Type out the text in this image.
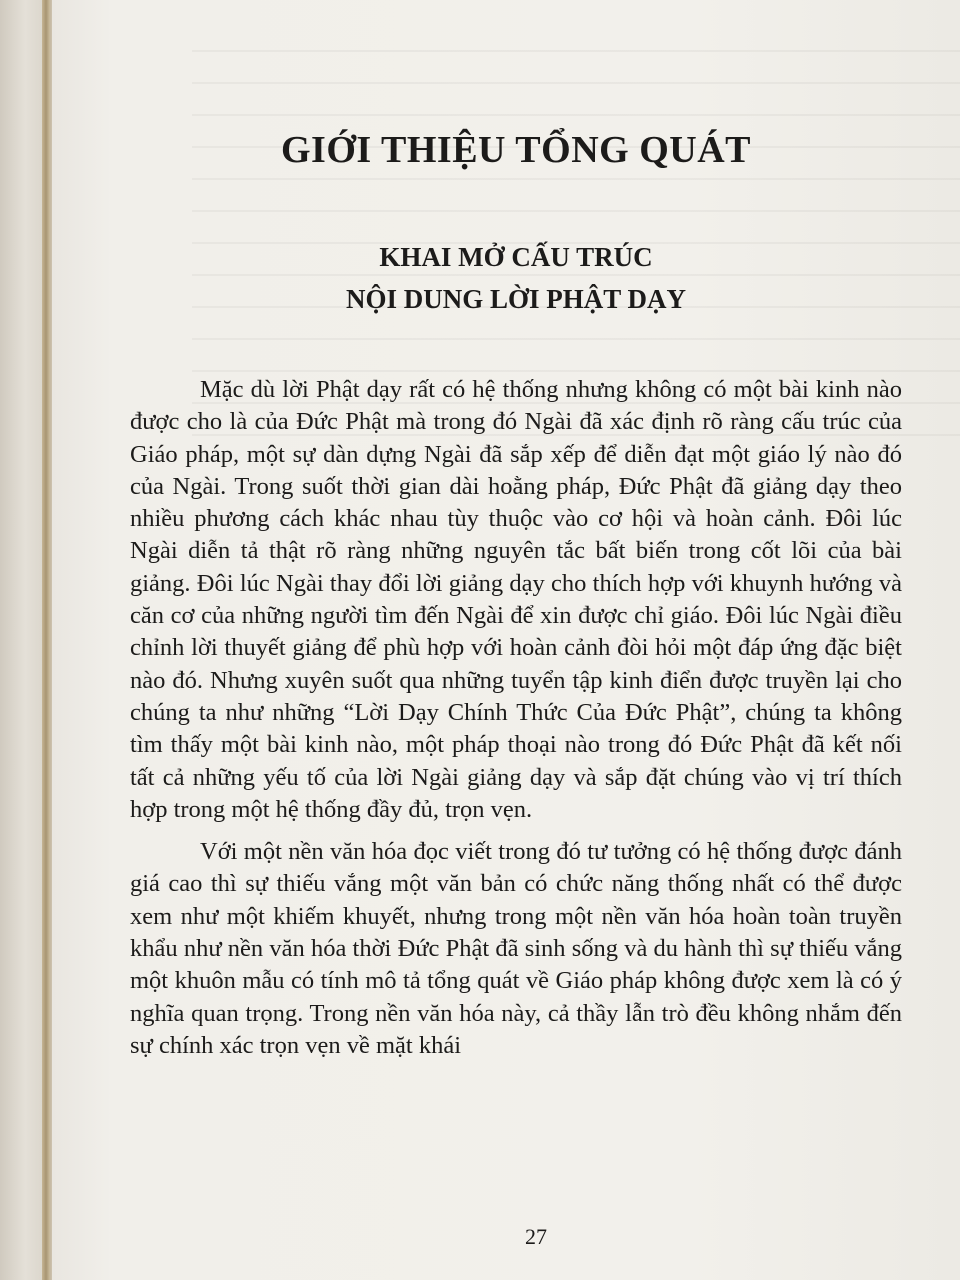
GIỚI THIỆU TỔNG QUÁT
KHAI MỞ CẤU TRÚC
NỘI DUNG LỜI PHẬT DẠY

Mặc dù lời Phật dạy rất có hệ thống nhưng không có một bài kinh nào được cho là của Đức Phật mà trong đó Ngài đã xác định rõ ràng cấu trúc của Giáo pháp, một sự dàn dựng Ngài đã sắp xếp để diễn đạt một giáo lý nào đó của Ngài. Trong suốt thời gian dài hoằng pháp, Đức Phật đã giảng dạy theo nhiều phương cách khác nhau tùy thuộc vào cơ hội và hoàn cảnh. Đôi lúc Ngài diễn tả thật rõ ràng những nguyên tắc bất biến trong cốt lõi của bài giảng. Đôi lúc Ngài thay đổi lời giảng dạy cho thích hợp với khuynh hướng và căn cơ của những người tìm đến Ngài để xin được chỉ giáo. Đôi lúc Ngài điều chỉnh lời thuyết giảng để phù hợp với hoàn cảnh đòi hỏi một đáp ứng đặc biệt nào đó. Nhưng xuyên suốt qua những tuyển tập kinh điển được truyền lại cho chúng ta như những “Lời Dạy Chính Thức Của Đức Phật”, chúng ta không tìm thấy một bài kinh nào, một pháp thoại nào trong đó Đức Phật đã kết nối tất cả những yếu tố của lời Ngài giảng dạy và sắp đặt chúng vào vị trí thích hợp trong một hệ thống đầy đủ, trọn vẹn.

Với một nền văn hóa đọc viết trong đó tư tưởng có hệ thống được đánh giá cao thì sự thiếu vắng một văn bản có chức năng thống nhất có thể được xem như một khiếm khuyết, nhưng trong một nền văn hóa hoàn toàn truyền khẩu như nền văn hóa thời Đức Phật đã sinh sống và du hành thì sự thiếu vắng một khuôn mẫu có tính mô tả tổng quát về Giáo pháp không được xem là có ý nghĩa quan trọng. Trong nền văn hóa này, cả thầy lẫn trò đều không nhắm đến sự chính xác trọn vẹn về mặt khái

27
